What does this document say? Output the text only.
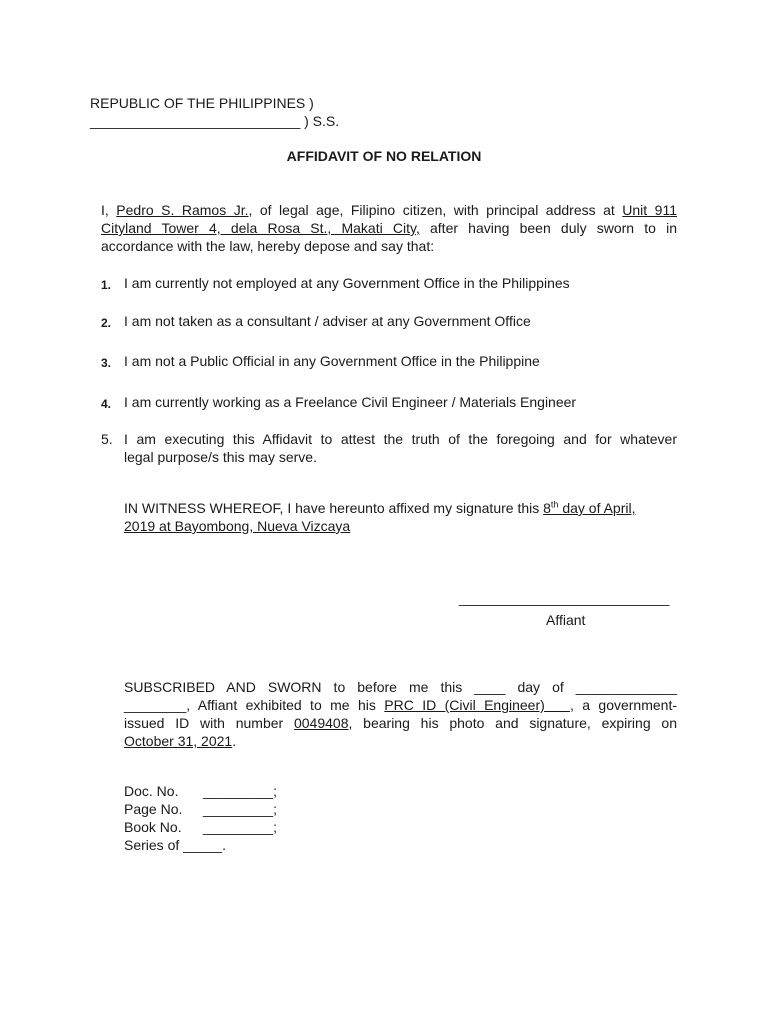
REPUBLIC OF THE PHILIPPINES )
___________________________ ) S.S.
AFFIDAVIT OF NO RELATION
I, Pedro S. Ramos Jr., of legal age, Filipino citizen, with principal address at Unit 911
Cityland Tower 4, dela Rosa St., Makati City, after having been duly sworn to in
accordance with the law, hereby depose and say that:
1. I am currently not employed at any Government Office in the Philippines
2. I am not taken as a consultant / adviser at any Government Office
3. I am not a Public Official in any Government Office in the Philippine
4. I am currently working as a Freelance Civil Engineer / Materials Engineer
5. I am executing this Affidavit to attest the truth of the foregoing and for whatever
legal purpose/s this may serve.
IN WITNESS WHEREOF, I have hereunto affixed my signature this 8th day of April,
2019 at Bayombong, Nueva Vizcaya
___________________________
Affiant
SUBSCRIBED AND SWORN to before me this ____ day of _____________
________, Affiant exhibited to me his PRC ID (Civil Engineer)   , a government-
issued ID with number 0049408, bearing his photo and signature, expiring on
October 31, 2021.
Doc. No. _________;
Page No. _________;
Book No. _________;
Series of _____.
